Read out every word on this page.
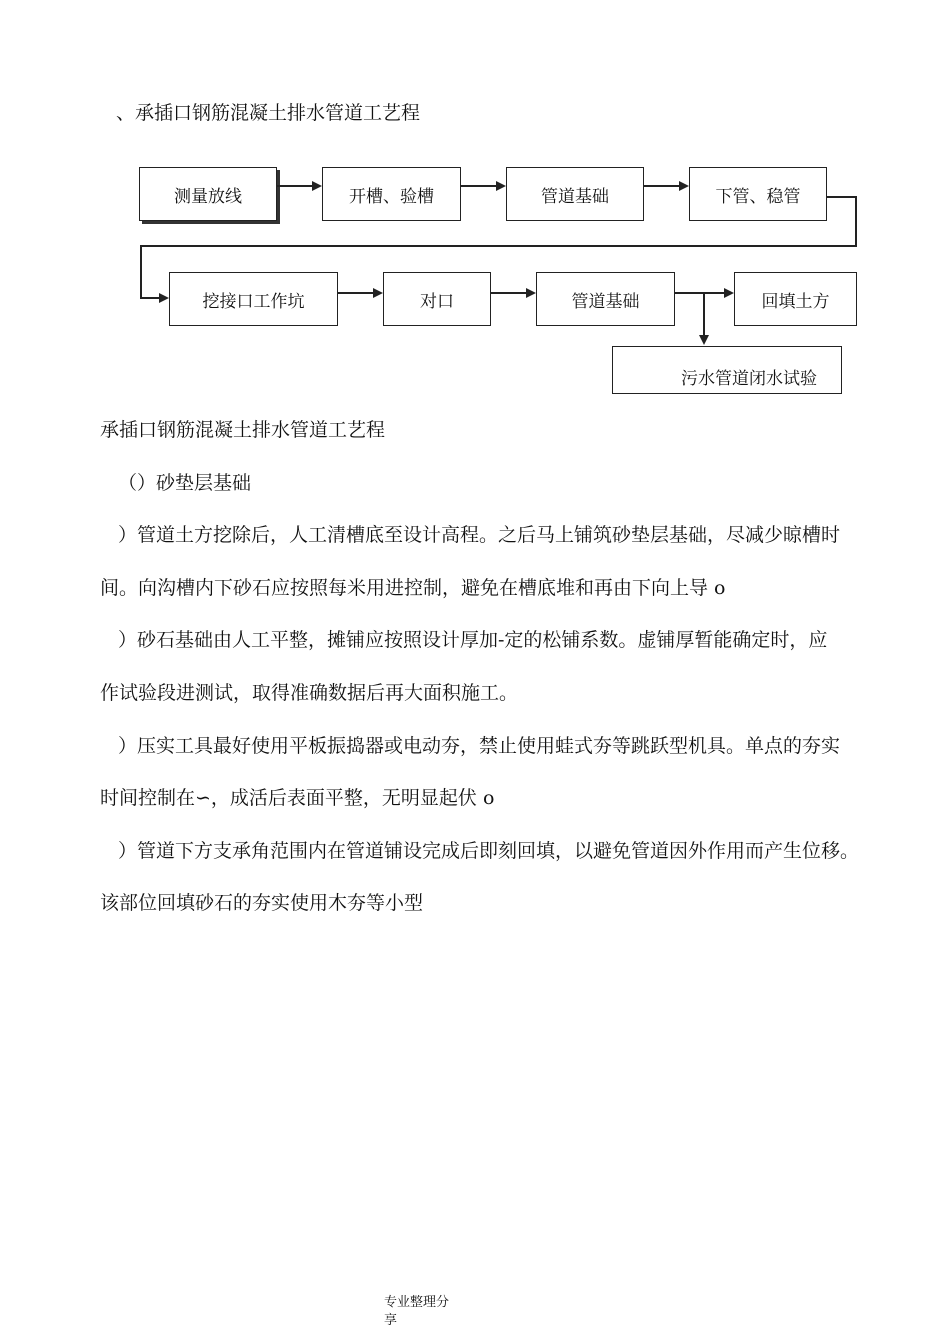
、承插口钢筋混凝土排水管道工艺程
测量放线	开槽、验槽	管道基础	下管、稳管
挖接口工作坑	对口	管道基础	回填土方
污水管道闭水试验
承插口钢筋混凝土排水管道工艺程
（）砂垫层基础
）管道土方挖除后，人工清槽底至设计高程。之后马上铺筑砂垫层基础，尽减少晾槽时
间。向沟槽内下砂石应按照每米用进控制，避免在槽底堆和再由下向上导 o
）砂石基础由人工平整，摊铺应按照设计厚加-定的松铺系数。虚铺厚暂能确定时，应
作试验段进测试，取得准确数据后再大面积施工。
）压实工具最好使用平板振捣器或电动夯，禁止使用蛙式夯等跳跃型机具。单点的夯实
时间控制在∽，成活后表面平整，无明显起伏 o
）管道下方支承角范围内在管道铺设完成后即刻回填，以避免管道因外作用而产生位移。
该部位回填砂石的夯实使用木夯等小型
专业整理分
享
